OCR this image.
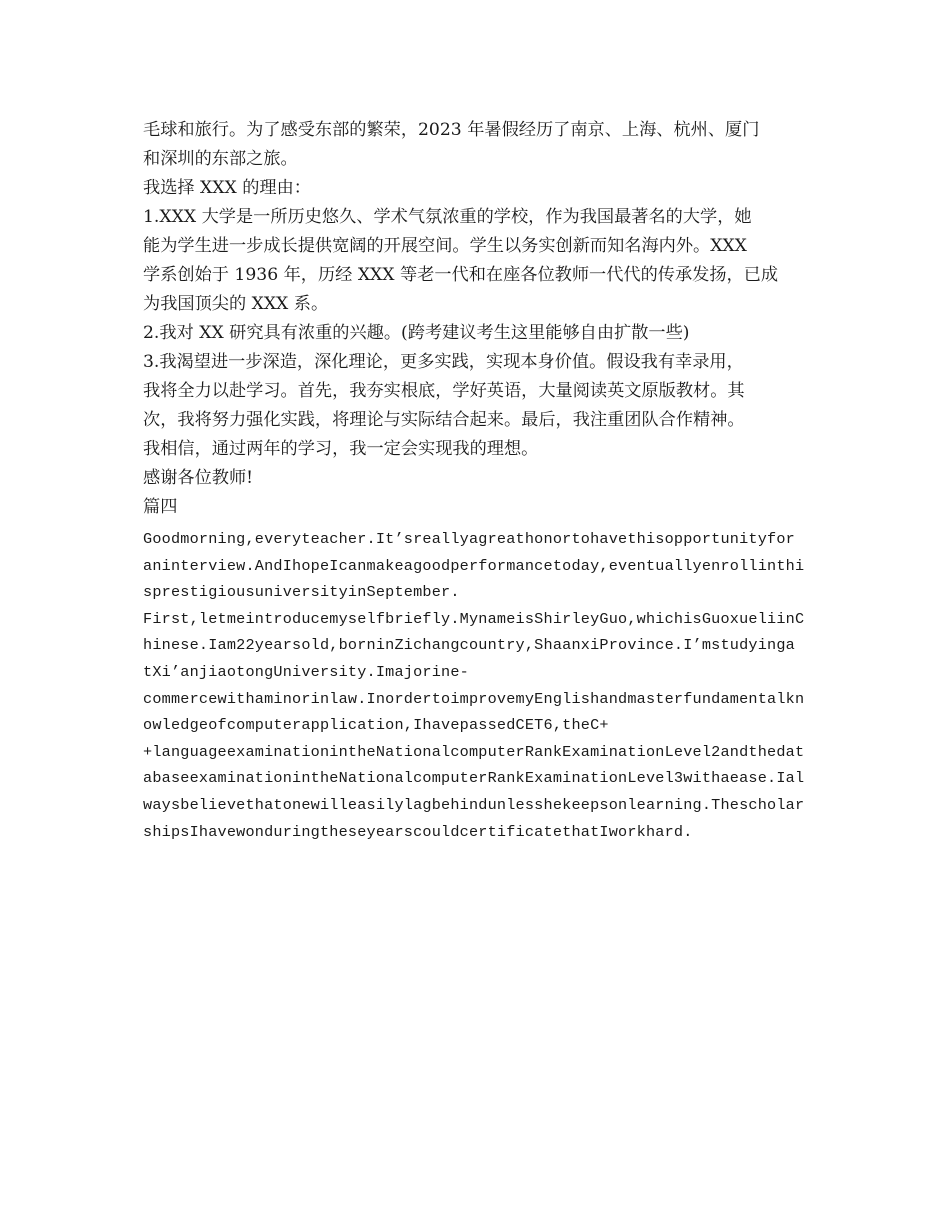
毛球和旅行。为了感受东部的繁荣，2023 年暑假经历了南京、上海、杭州、厦门
和深圳的东部之旅。
我选择 XXX 的理由：
1.XXX 大学是一所历史悠久、学术气氛浓重的学校，作为我国最著名的大学，她
能为学生进一步成长提供宽阔的开展空间。学生以务实创新而知名海内外。XXX
学系创始于 1936 年，历经 XXX 等老一代和在座各位教师一代代的传承发扬，已成
为我国顶尖的 XXX 系。
2.我对 XX 研究具有浓重的兴趣。(跨考建议考生这里能够自由扩散一些)
3.我渴望进一步深造，深化理论，更多实践，实现本身价值。假设我有幸录用，
我将全力以赴学习。首先，我夯实根底，学好英语，大量阅读英文原版教材。其
次，我将努力强化实践，将理论与实际结合起来。最后，我注重团队合作精神。
我相信，通过两年的学习，我一定会实现我的理想。
感谢各位教师!
篇四
Goodmorning,everyteacher.It’sreallyagreathonortohavethisopportunityfor
aninterview.AndIhopeIcanmakeagoodperformancetoday,eventuallyenrollinthi
sprestigiousuniversityinSeptember.
First,letmeintroducemyselfbriefly.MynameisShirleyGuo,whichisGuoxueliinC
hinese.Iam22yearsold,borninZichangcountry,ShaanxiProvince.I’mstudyinga
tXi’anjiaotongUniversity.Imajorine-
commercewithaminorinlaw.InordertoimprovemyEnglishandmasterfundamentalkn
owledgeofcomputerapplication,IhavepassedCET6,theC+
+languageexaminationintheNationalcomputerRankExaminationLevel2andthedat
abaseexaminationintheNationalcomputerRankExaminationLevel3withaease.Ial
waysbelievethatonewilleasilylagbehindunlesshekeepsonlearning.Thescholar
shipsIhavewonduringtheseyearscouldcertificatethatIworkhard.
